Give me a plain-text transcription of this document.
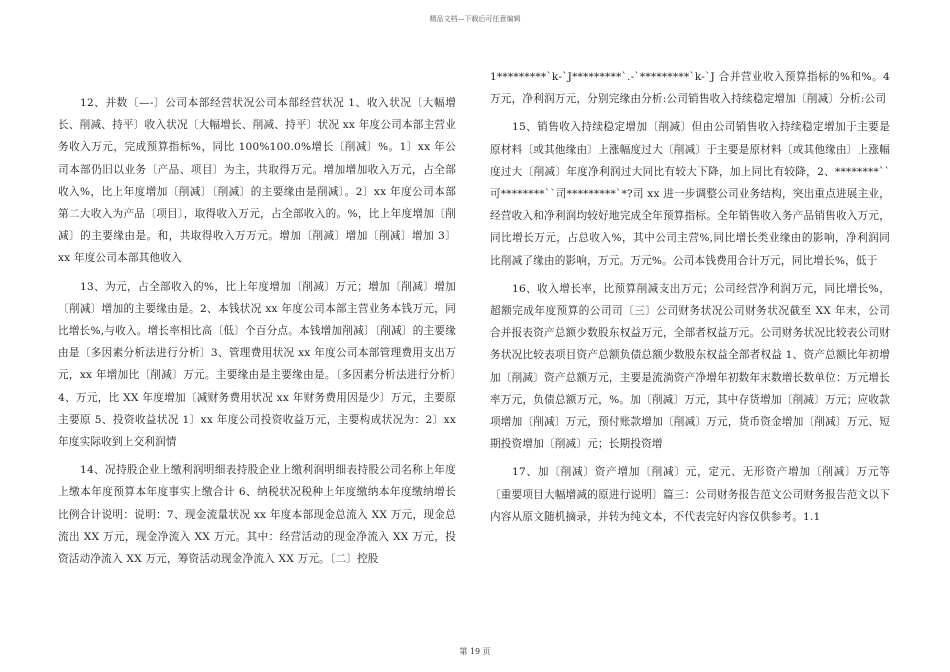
精品文档—下载后可任意编辑

12、并数〔—-〕公司本部经营状况公司本部经营状况 1、收入状况〔大幅增长、削减、持平〕收入状况〔大幅增长、削减、持平〕状况 xx 年度公司本部主营业务收入万元，完成预算指标%，同比 100%100.0%增长〔削减〕%。1〕xx 年公司本部仍旧以业务〔产品、项目〕为主，共取得万元。增加增加收入万元，占全部收入%，比上年度增加〔削减〕〔削减〕的主要缘由是削减〕。2〕xx 年度公司本部第二大收入为产品〔项目〕，取得收入万元，占全部收入的。%，比上年度增加〔削减〕的主要缘由是。和，共取得收入万万元。增加〔削减〕增加〔削减〕增加 3〕xx 年度公司本部其他收入

13、为元，占全部收入的%，比上年度增加〔削减〕万元；增加〔削减〕增加〔削减〕增加的主要缘由是。2、本钱状况 xx 年度公司本部主营业务本钱万元，同比增长%,与收入。增长率相比高〔低〕个百分点。本钱增加削减〕〔削减〕的主要缘由是〔多因素分析法进行分析〕3、管理费用状况 xx 年度公司本部管理费用支出万元，xx 年增加比〔削减〕万元。主要缘由是主要缘由是。〔多因素分析法进行分析〕4、万元，比 XX 年度增加〔减财务费用状况 xx 年财务费用因是少〕万元，主要原主要原 5、投资收益状况 1〕xx 年度公司投资收益万元，主要构成状况为：2〕xx 年度实际收到上交利润情

14、况持股企业上缴利润明细表持股企业上缴利润明细表持股公司名称上年度上缴本年度预算本年度事实上缴合计 6、纳税状况税种上年度缴纳本年度缴纳增长比例合计说明：说明：7、现金流量状况 xx 年度本部现金总流入 XX 万元，现金总流出 XX 万元，现金净流入 XX 万元。其中：经营活动的现金净流入 XX 万元，投资活动净流入 XX 万元，筹资活动现金净流入 XX 万元。〔二〕控股

1*********`k-`J*********`.-`*********`k-`J 合并营业收入预算指标的%和%。4 万元，净利润万元，分别完缘由分析:公司销售收入持续稳定增加〔削减〕分析:公司

15、销售收入持续稳定增加〔削减〕但由公司销售收入持续稳定增加于主要是原材料〔或其他缘由〕上涨幅度过大〔削减〕于主要是原材料〔或其他缘由〕上涨幅度过大〔削减〕年度净利润过大同比有较大下降，加上同比有较降，2、********``可********``司*********`*?司 xx 进一步调整公司业务结构，突出重点进展主业，经营收入和净利润均较好地完成全年预算指标。全年销售收入务产品销售收入万元，同比增长万元，占总收入%，其中公司主营%,同比增长类业缘由的影响，净利润同比削减了缘由的影响，万元。万元%。公司本钱费用合计万元，同比增长%，低于

16、收入增长率，比预算削减支出万元；公司经营净利润万元，同比增长%，超额完成年度预算的公司司〔三〕公司财务状况公司财务状况截至 XX 年末，公司合并报表资产总额少数股东权益万元，全部者权益万元。公司财务状况比较表公司财务状况比较表项目资产总额负债总额少数股东权益全部者权益 1、资产总额比年初增加〔削减〕资产总额万元，主要是流淌资产净增年初数年末数增长数单位：万元增长率万元，负债总额万元，%。加〔削减〕万元，其中存货增加〔削减〕万元；应收款项增加〔削减〕万元，预付账款增加〔削减〕万元，货币资金增加〔削减〕万元、短期投资增加〔削减〕元；长期投资增

17、加〔削减〕资产增加〔削减〕元，定元、无形资产增加〔削减〕万元等〔重要项目大幅增减的原进行说明〕篇三：公司财务报告范文公司财务报告范文以下内容从原文随机摘录，并转为纯文本，不代表完好内容仅供参考。1.1

第 19 页
